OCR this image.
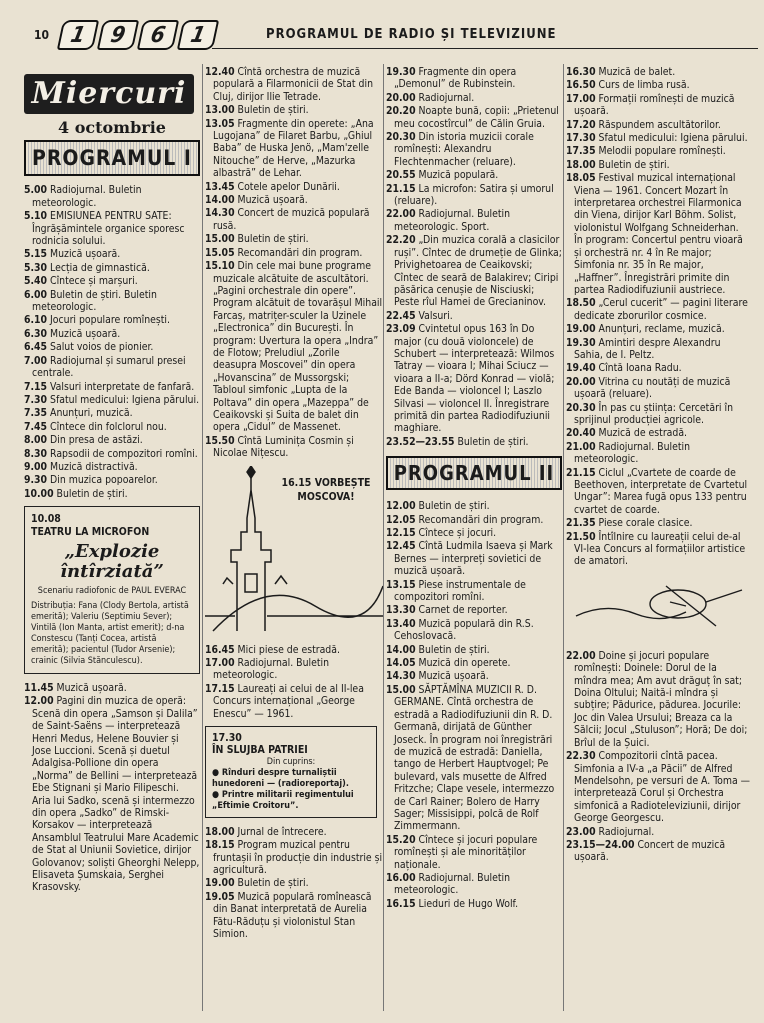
10 1 9 6 1	PROGRAMUL DE RADIO ȘI TELEVIZIUNE
Miercuri
4 octombrie
PROGRAMUL I
5.00 Radiojurnal. Buletin meteorologic.
5.10 EMISIUNEA PENTRU SATE: Îngrășămintele organice sporesc rodnicia solului.
5.15 Muzică ușoară.
5.30 Lecția de gimnastică.
5.40 Cîntece și marșuri.
6.00 Buletin de știri. Buletin meteorologic.
6.10 Jocuri populare romînești.
6.30 Muzică ușoară.
6.45 Salut voios de pionier.
7.00 Radiojurnal și sumarul presei centrale.
7.15 Valsuri interpretate de fanfară.
7.30 Sfatul medicului: Igiena părului.
7.35 Anunțuri, muzică.
7.45 Cîntece din folclorul nou.
8.00 Din presa de astăzi.
8.30 Rapsodii de compozitori romîni.
9.00 Muzică distractivă.
9.30 Din muzica popoarelor.
10.00 Buletin de știri.
10.08
TEATRU LA MICROFON
„Explozie întîrziată”
Scenariu radiofonic de PAUL EVERAC
Distribuția: Fana (Clody Bertola, artistă emerită); Valeriu (Septimiu Sever); Vintilă (Ion Manta, artist emerit); d-na Constescu (Tanți Cocea, artistă emerită); pacientul (Tudor Arsenie); crainic (Silvia Stănculescu).
11.45 Muzică ușoară.
12.00 Pagini din muzica de operă: Scenă din opera „Samson și Dalila” de Saint-Saëns — interpretează Henri Medus, Helene Bouvier și Jose Luccioni. Scenă și duetul Adalgisa-Pollione din opera „Norma” de Bellini — interpretează Ebe Stignani și Mario Filipeschi. Aria lui Sadko, scenă și intermezzo din opera „Sadko” de Rimski-Korsakov — interpretează Ansamblul Teatrului Mare Academic de Stat al Uniunii Sovietice, dirijor Golovanov; soliști Gheorghi Nelepp, Elisaveta Șumskaia, Serghei Krasovsky.
12.40 Cîntă orchestra de muzică populară a Filarmonicii de Stat din Cluj, dirijor Ilie Tetrade.
13.00 Buletin de știri.
13.05 Fragmente din operete: „Ana Lugojana” de Filaret Barbu, „Ghiul Baba” de Huska Jenö, „Mam'zelle Nitouche” de Herve, „Mazurka albastră” de Lehar.
13.45 Cotele apelor Dunării.
14.00 Muzică ușoară.
14.30 Concert de muzică populară rusă.
15.00 Buletin de știri.
15.05 Recomandări din program.
15.10 Din cele mai bune programe muzicale alcătuite de ascultători. „Pagini orchestrale din opere”. Program alcătuit de tovarășul Mihail Farcaș, matrițer-sculer la Uzinele „Electronica” din București. În program: Uvertura la opera „Indra” de Flotow; Preludiul „Zorile deasupra Moscovei” din opera „Hovanscina” de Mussorgski; Tabloul simfonic „Lupta de la Poltava” din opera „Mazeppa” de Ceaikovski și Suita de balet din opera „Cidul” de Massenet.
15.50 Cîntă Luminița Cosmin și Nicolae Nițescu.
16.15 VORBEȘTE MOSCOVA!
16.45 Mici piese de estradă.
17.00 Radiojurnal. Buletin meteorologic.
17.15 Laureați ai celui de al II-lea Concurs internațional „George Enescu” — 1961.
17.30
ÎN SLUJBA PATRIEI
Din cuprins:
● Rînduri despre turnaliștii hunedoreni — (radioreportaj).
● Printre militarii regimentului „Eftimie Croitoru”.
18.00 Jurnal de întrecere.
18.15 Program muzical pentru fruntașii în producție din industrie și agricultură.
19.00 Buletin de știri.
19.05 Muzică populară romînească din Banat interpretată de Aurelia Fătu-Răduțu și violonistul Stan Simion.
19.30 Fragmente din opera „Demonul” de Rubinstein.
20.00 Radiojurnal.
20.20 Noapte bună, copii: „Prietenul meu cocostîrcul” de Călin Gruia.
20.30 Din istoria muzicii corale romînești: Alexandru Flechtenmacher (reluare).
20.55 Muzică populară.
21.15 La microfon: Satira și umorul (reluare).
22.00 Radiojurnal. Buletin meteorologic. Sport.
22.20 „Din muzica corală a clasicilor ruși”. Cîntec de drumeție de Glinka; Privighetoarea de Ceaikovski; Cîntec de seară de Balakirev; Ciripi păsărica cenușie de Nisciuski; Peste rîul Hamei de Grecianinov.
22.45 Valsuri.
23.09 Cvintetul opus 163 în Do major (cu două violoncele) de Schubert — interpretează: Wilmos Tatray — vioara I; Mihai Sciucz — vioara a II-a; Dörd Konrad — violă; Ede Banda — violoncel I; Laszlo Silvasi — violoncel II. Înregistrare primită din partea Radiodifuziunii maghiare.
23.52—23.55 Buletin de știri.
PROGRAMUL II
12.00 Buletin de știri.
12.05 Recomandări din program.
12.15 Cîntece și jocuri.
12.45 Cîntă Ludmila Isaeva și Mark Bernes — interpreți sovietici de muzică ușoară.
13.15 Piese instrumentale de compozitori romîni.
13.30 Carnet de reporter.
13.40 Muzică populară din R.S. Cehoslovacă.
14.00 Buletin de știri.
14.05 Muzică din operete.
14.30 Muzică ușoară.
15.00 SĂPTĂMÎNA MUZICII R. D. GERMANE. Cîntă orchestra de estradă a Radiodifuziunii din R. D. Germană, dirijată de Günther Joseck. În program noi înregistrări de muzică de estradă: Daniella, tango de Herbert Hauptvogel; Pe bulevard, vals musette de Alfred Fritzche; Clape vesele, intermezzo de Carl Rainer; Bolero de Harry Sager; Missisippi, polcă de Rolf Zimmermann.
15.20 Cîntece și jocuri populare romînești și ale minorităților naționale.
16.00 Radiojurnal. Buletin meteorologic.
16.15 Lieduri de Hugo Wolf.
16.30 Muzică de balet.
16.50 Curs de limba rusă.
17.00 Formații romînești de muzică ușoară.
17.20 Răspundem ascultătorilor.
17.30 Sfatul medicului: Igiena părului.
17.35 Melodii populare romînești.
18.00 Buletin de știri.
18.05 Festival muzical internațional Viena — 1961. Concert Mozart în interpretarea orchestrei Filarmonica din Viena, dirijor Karl Böhm. Solist, violonistul Wolfgang Schneiderhan. În program: Concertul pentru vioară și orchestră nr. 4 în Re major; Simfonia nr. 35 în Re major, „Haffner”. Înregistrări primite din partea Radiodifuziunii austriece.
18.50 „Cerul cucerit” — pagini literare dedicate zborurilor cosmice.
19.00 Anunțuri, reclame, muzică.
19.30 Amintiri despre Alexandru Sahia, de I. Peltz.
19.40 Cîntă Ioana Radu.
20.00 Vitrina cu noutăți de muzică ușoară (reluare).
20.30 În pas cu știința: Cercetări în sprijinul producției agricole.
20.40 Muzică de estradă.
21.00 Radiojurnal. Buletin meteorologic.
21.15 Ciclul „Cvartete de coarde de Beethoven, interpretate de Cvartetul Ungar”: Marea fugă opus 133 pentru cvartet de coarde.
21.35 Piese corale clasice.
21.50 Întîlnire cu laureații celui de-al VI-lea Concurs al formațiilor artistice de amatori.
22.00 Doine și jocuri populare romînești: Doinele: Dorul de la mîndra mea; Am avut drăguț în sat; Doina Oltului; Naită-i mîndra și subțire; Pădurice, pădurea. Jocurile: Joc din Valea Ursului; Breaza ca la Sălcii; Jocul „Stuluson”; Horă; De doi; Brîul de la Șuici.
22.30 Compozitorii cîntă pacea. Simfonia a IV-a „a Păcii” de Alfred Mendelsohn, pe versuri de A. Toma — interpretează Corul și Orchestra simfonică a Radioteleviziunii, dirijor George Georgescu.
23.00 Radiojurnal.
23.15—24.00 Concert de muzică ușoară.
